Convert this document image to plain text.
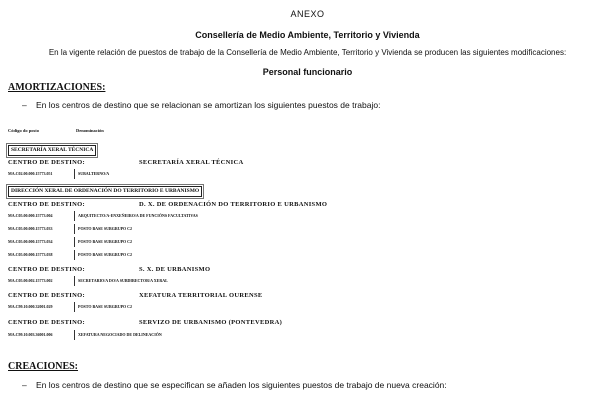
ANEXO
Consellería de Medio Ambiente, Territorio y Vivienda
En la vigente relación de puestos de trabajo de la Consellería de Medio Ambiente, Territorio y Vivienda se producen las siguientes modificaciones:
Personal funcionario
AMORTIZACIONES:
– En los centros de destino que se relacionan se amortizan los siguientes puestos de trabajo:
Código do posto	Denominación
SECRETARÍA XERAL TÉCNICA
CENTRO DE DESTINO:	SECRETARÍA XERAL TÉCNICA
MA.C02.00.000.15773.051	SUBALTERNO/A
DIRECCIÓN XERAL DE ORDENACIÓN DO TERRITORIO E URBANISMO
CENTRO DE DESTINO:	D. X. DE ORDENACIÓN DO TERRITORIO E URBANISMO
MA.C05.00.000.15773.004	ARQUITECTO/A-ENXEÑEIRO/A DE FUNCIÓNS FACULTATIVAS
MA.C05.00.000.15773.033	POSTO BASE SUBGRUPO C2
MA.C05.00.000.15773.034	POSTO BASE SUBGRUPO C2
MA.C05.00.000.15773.038	POSTO BASE SUBGRUPO C2
CENTRO DE DESTINO:	S. X. DE URBANISMO
MA.C05.00.002.15773.002	SECRETARIO/A DO/A SUBDIRECTOR/A XERAL
CENTRO DE DESTINO:	XEFATURA TERRITORIAL OURENSE
MA.C99.10.000.32001.029	POSTO BASE SUBGRUPO C2
CENTRO DE DESTINO:	SERVIZO DE URBANISMO (PONTEVEDRA)
MA.C99.10.003.36001.006	XEFATURA NEGOCIADO DE DELINEACIÓN
CREACIONES:
– En los centros de destino que se especifican se añaden los siguientes puestos de trabajo de nueva creación:
